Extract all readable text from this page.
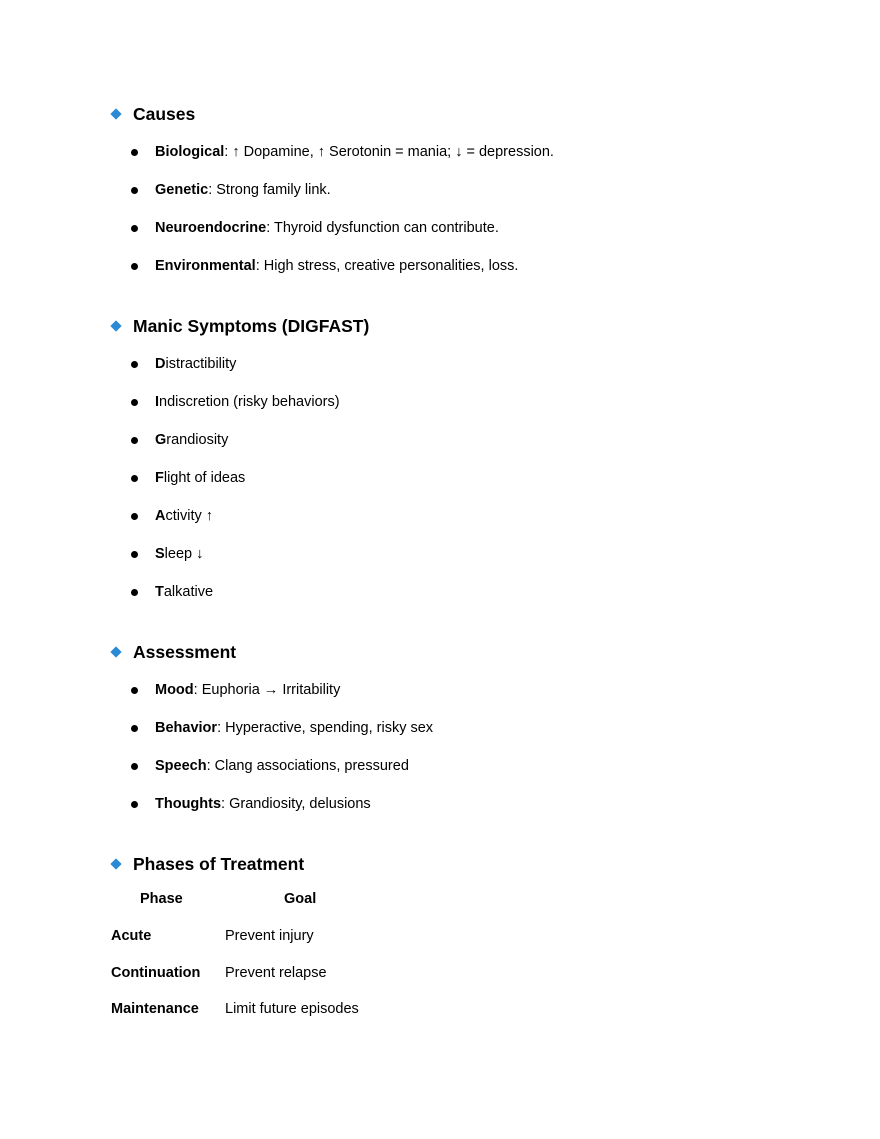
Causes
Biological : ↑ Dopamine, ↑ Serotonin = mania; ↓ = depression.
Genetic : Strong family link.
Neuroendocrine : Thyroid dysfunction can contribute.
Environmental : High stress, creative personalities, loss.
Manic Symptoms (DIGFAST)
D istractibility
I ndiscretion (risky behaviors)
G randiosity
F light of ideas
A ctivity ↑
S leep ↓
T alkative
Assessment
Mood : Euphoria → Irritability
Behavior : Hyperactive, spending, risky sex
Speech : Clang associations, pressured
Thoughts : Grandiosity, delusions
Phases of Treatment
Phase	Goal
Acute	Prevent injury
Continuation Prevent relapse
Maintenance Limit future episodes
